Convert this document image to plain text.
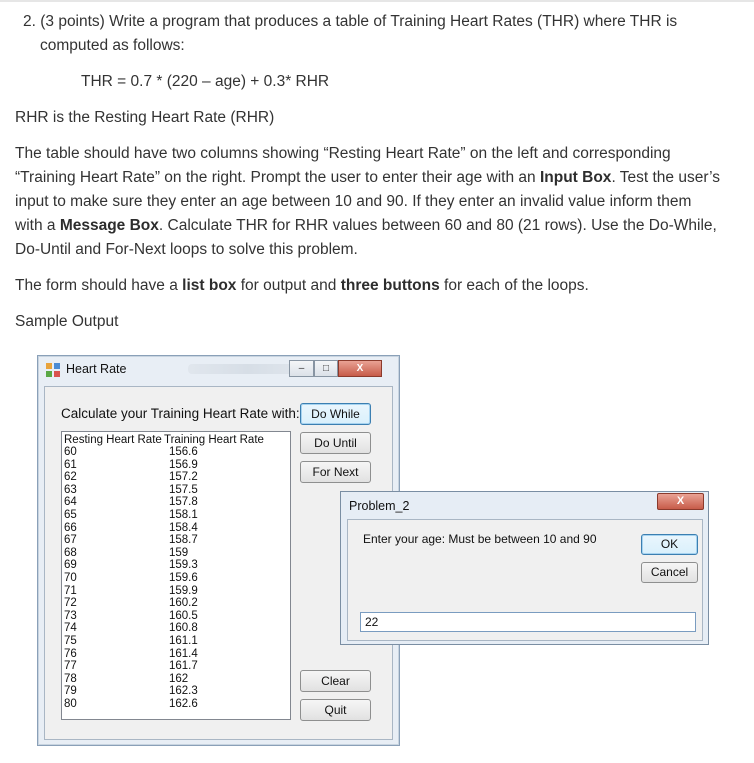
2. (3 points) Write a program that produces a table of Training Heart Rates (THR) where THR is
computed as follows:
THR = 0.7 * (220 – age) + 0.3* RHR
RHR is the Resting Heart Rate (RHR)
The table should have two columns showing “Resting Heart Rate” on the left and corresponding
“Training Heart Rate” on the right. Prompt the user to enter their age with an Input Box. Test the user’s
input to make sure they enter an age between 10 and 90. If they enter an invalid value inform them
with a Message Box. Calculate THR for RHR values between 60 and 80 (21 rows). Use the Do-While,
Do-Until and For-Next loops to solve this problem.
The form should have a list box for output and three buttons for each of the loops.
Sample Output
Heart Rate	–	□	X
Calculate your Training Heart Rate with: Do While
Do Until
For Next
Clear
Quit
Resting Heart Rate Training Heart Rate
60	156.6
61	156.9
62	157.2
63	157.5
64	157.8
65	158.1
66	158.4
67	158.7
68	159
69	159.3
70	159.6
71	159.9
72	160.2
73	160.5
74	160.8
75	161.1
76	161.4
77	161.7
78	162
79	162.3
80	162.6
Problem_2	X
Enter your age: Must be between 10 and 90	OK
Cancel
22
